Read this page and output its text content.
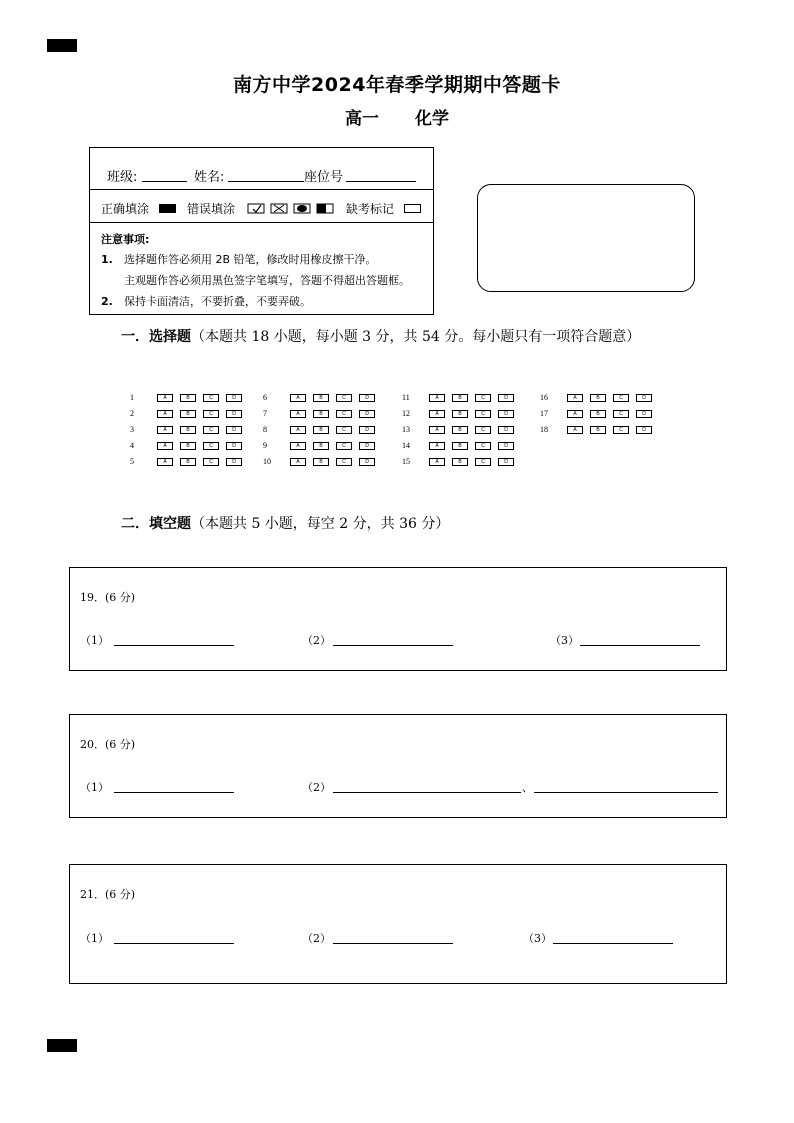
南方中学2024年春季学期期中答题卡
高一 化学
班级:	姓名:	座位号
正确填涂	错误填涂	缺考标记
注意事项:
1. 选择题作答必须用 2B 铅笔，修改时用橡皮擦干净。
主观题作答必须用黑色签字笔填写，答题不得超出答题框。
2. 保持卡面清洁，不要折叠，不要弄破。
一．选择题（本题共 18 小题，每小题 3 分，共 54 分。每小题只有一项符合题意）
1	A	B	C	D
2	A	B	C	D
3	A	B	C	D
4	A	B	C	D
5	A	B	C	D
6	A	B	C	D
7	A	B	C	D
8	A	B	C	D
9	A	B	C	D
10	A	B	C	D
11	A	B	C	D
12	A	B	C	D
13	A	B	C	D
14	A	B	C	D
15	A	B	C	D
16	A	B	C	D
17	A	B	C	D
18	A	B	C	D
二．填空题（本题共 5 小题，每空 2 分，共 36 分）
19．(6 分)
（1）	（2）	（3）
20．(6 分)
（1）	（2）	、
21．(6 分)
（1）	（2）	（3）
